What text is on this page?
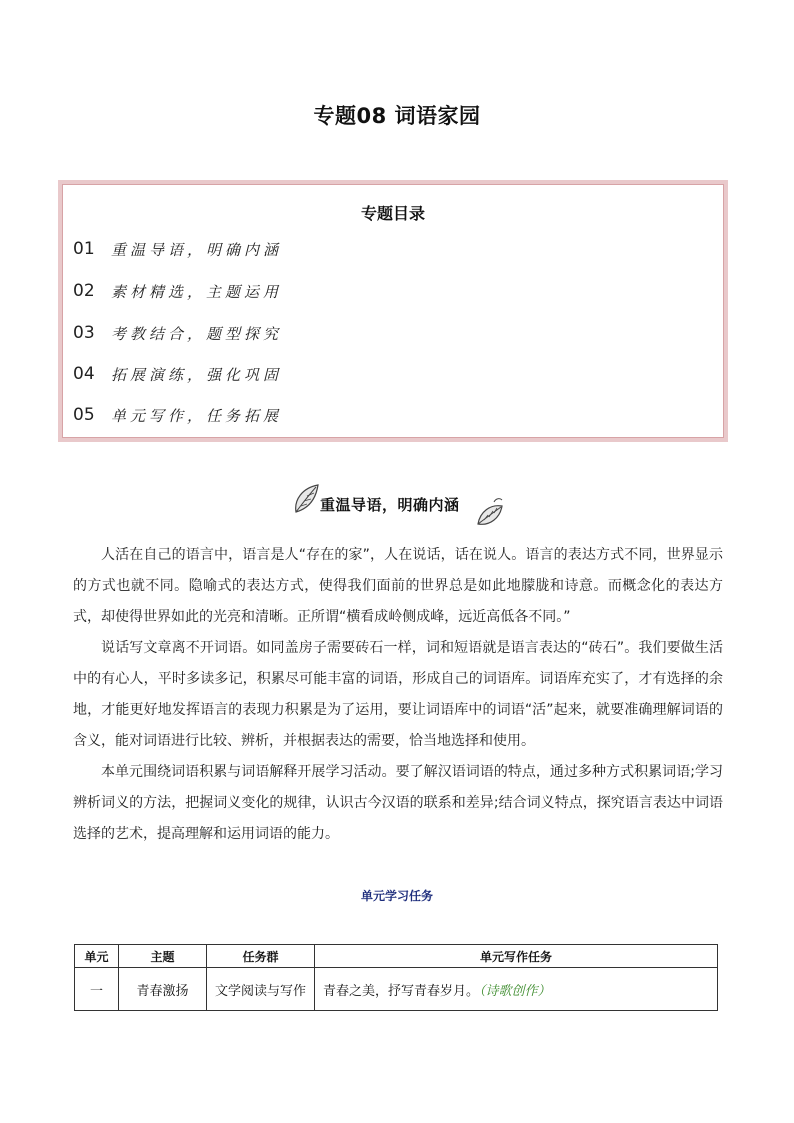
专题08 词语家园
专题目录
01	重温导语，明确内涵
02	素材精选，主题运用
03	考教结合，题型探究
04	拓展演练，强化巩固
05	单元写作，任务拓展
重温导语，明确内涵

人活在自己的语言中，语言是人“存在的家”，人在说话，话在说人。语言的表达方式不同，世界显示的方式也就不同。隐喻式的表达方式，使得我们面前的世界总是如此地朦胧和诗意。而概念化的表达方式，却使得世界如此的光亮和清晰。正所谓“横看成岭侧成峰，远近高低各不同。”

说话写文章离不开词语。如同盖房子需要砖石一样，词和短语就是语言表达的“砖石”。我们要做生活中的有心人，平时多读多记，积累尽可能丰富的词语，形成自己的词语库。词语库充实了，才有选择的余地，才能更好地发挥语言的表现力积累是为了运用，要让词语库中的词语“活”起来，就要准确理解词语的含义，能对词语进行比较、辨析，并根据表达的需要，恰当地选择和使用。

本单元围绕词语积累与词语解释开展学习活动。要了解汉语词语的特点，通过多种方式积累词语;学习辨析词义的方法，把握词义变化的规律，认识古今汉语的联系和差异;结合词义特点，探究语言表达中词语选择的艺术，提高理解和运用词语的能力。

单元学习任务
单元	主题	任务群	单元写作任务
一	青春激扬	文学阅读与写作	青春之美，抒写青春岁月。（诗歌创作）
